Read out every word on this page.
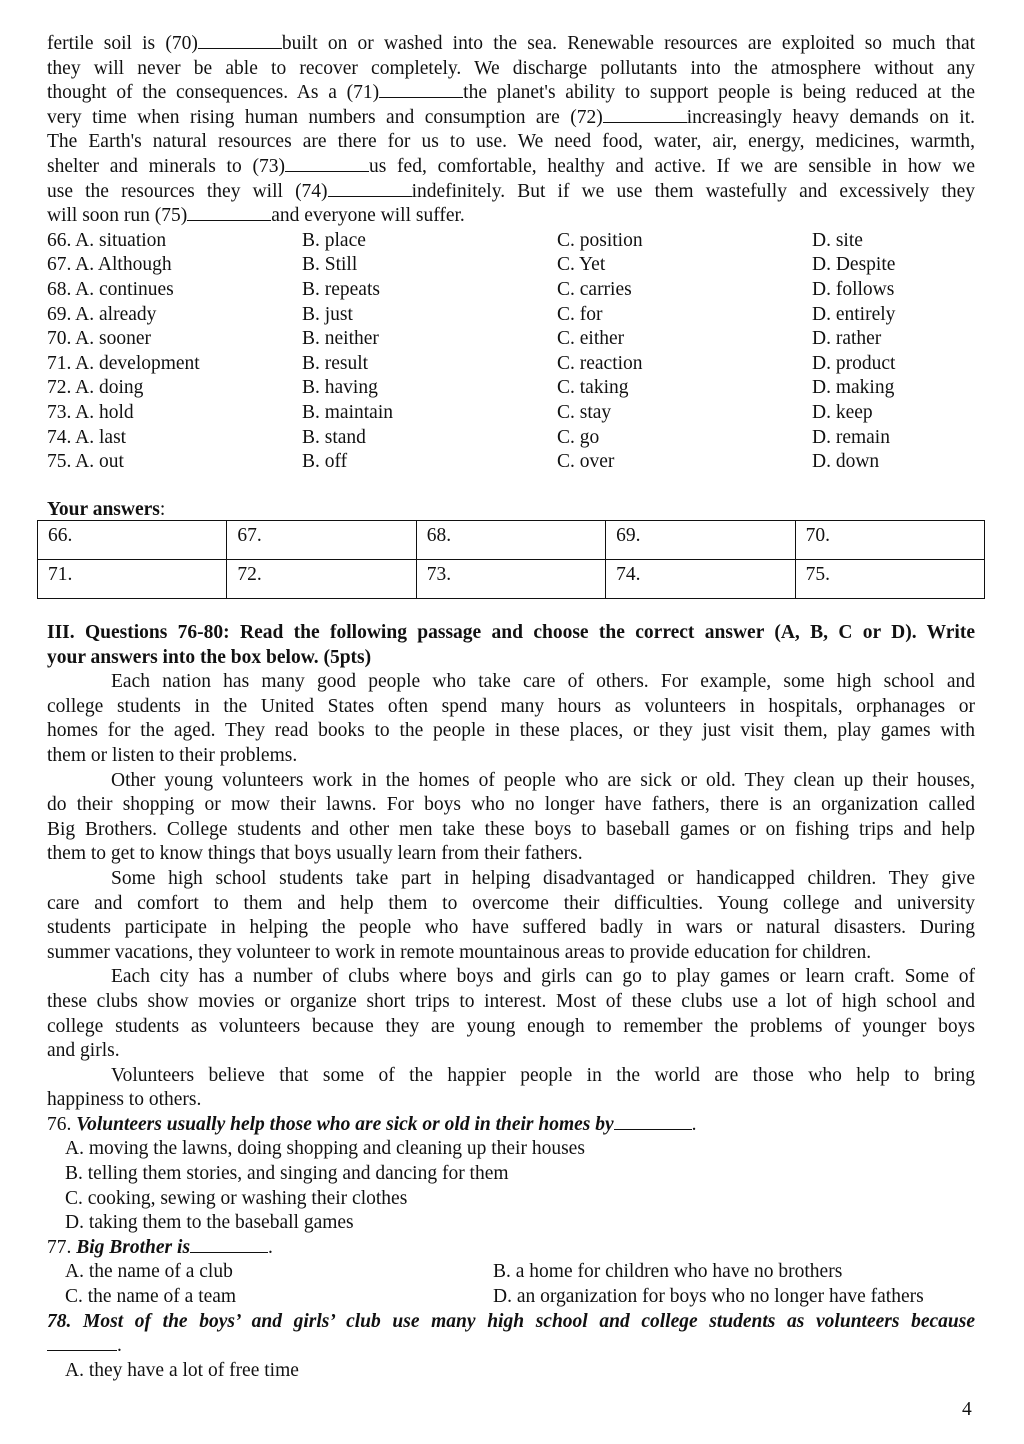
fertile soil is (70)	built on or washed into the sea. Renewable resources are exploited so much that
they will never be able to recover completely. We discharge pollutants into the atmosphere without any
thought of the consequences. As a (71)	the planet's ability to support people is being reduced at the
very time when rising human numbers and consumption are (72)	increasingly heavy demands on it.
The Earth's natural resources are there for us to use. We need food, water, air, energy, medicines, warmth,
shelter and minerals to (73)	us fed, comfortable, healthy and active. If we are sensible in how we
use the resources they will (74)	indefinitely. But if we use them wastefully and excessively they
will soon run (75)	and everyone will suffer.
66. A. situation	B. place	C. position	D. site
67. A. Although	B. Still	C. Yet	D. Despite
68. A. continues	B. repeats	C. carries	D. follows
69. A. already	B. just	C. for	D. entirely
70. A. sooner	B. neither	C. either	D. rather
71. A. development	B. result	C. reaction	D. product
72. A. doing	B. having	C. taking	D. making
73. A. hold	B. maintain	C. stay	D. keep
74. A. last	B. stand	C. go	D. remain
75. A. out	B. off	C. over	D. down
Your answers:
66.	67.	68.	69.	70.
71.	72.	73.	74.	75.
III. Questions 76-80: Read the following passage and choose the correct answer (A, B, C or D). Write
your answers into the box below. (5pts)
Each nation has many good people who take care of others. For example, some high school and
college students in the United States often spend many hours as volunteers in hospitals, orphanages or
homes for the aged. They read books to the people in these places, or they just visit them, play games with
them or listen to their problems.
Other young volunteers work in the homes of people who are sick or old. They clean up their houses,
do their shopping or mow their lawns. For boys who no longer have fathers, there is an organization called
Big Brothers. College students and other men take these boys to baseball games or on fishing trips and help
them to get to know things that boys usually learn from their fathers.
Some high school students take part in helping disadvantaged or handicapped children. They give
care and comfort to them and help them to overcome their difficulties. Young college and university
students participate in helping the people who have suffered badly in wars or natural disasters. During
summer vacations, they volunteer to work in remote mountainous areas to provide education for children.
Each city has a number of clubs where boys and girls can go to play games or learn craft. Some of
these clubs show movies or organize short trips to interest. Most of these clubs use a lot of high school and
college students as volunteers because they are young enough to remember the problems of younger boys
and girls.
Volunteers believe that some of the happier people in the world are those who help to bring
happiness to others.
76. Volunteers usually help those who are sick or old in their homes by	.
A. moving the lawns, doing shopping and cleaning up their houses
B. telling them stories, and singing and dancing for them
C. cooking, sewing or washing their clothes
D. taking them to the baseball games
77. Big Brother is	.
A. the name of a club	B. a home for children who have no brothers
C. the name of a team	D. an organization for boys who no longer have fathers
78. Most of the boys’ and girls’ club use many high school and college students as volunteers because
.
A. they have a lot of free time
4
